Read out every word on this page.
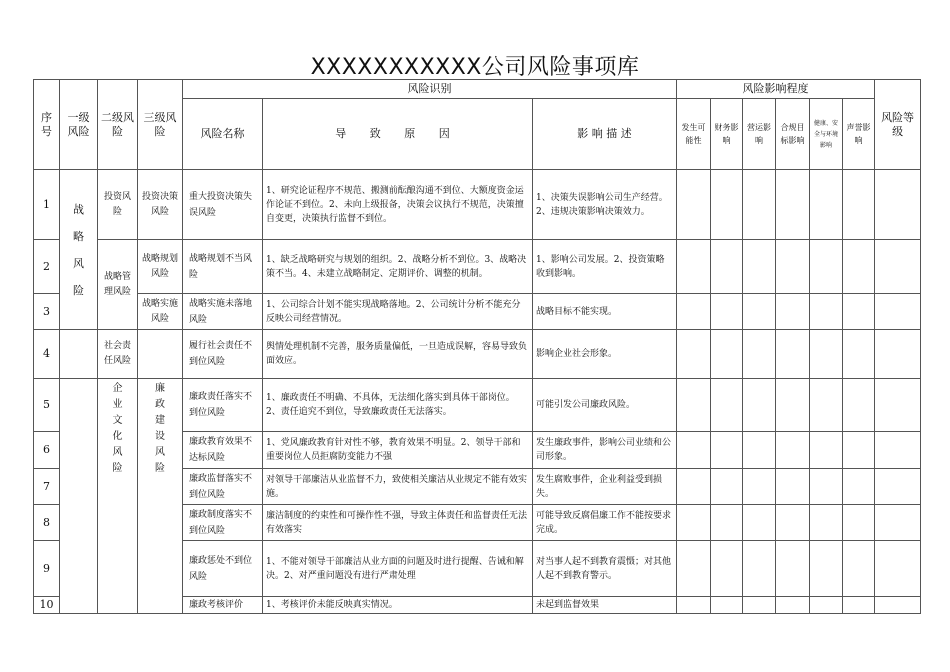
XXXXXXXXXXX公司风险事项库
序号	一级风险	二级风险	三级风险	风险识别			风险影响程度						风险等级
				风险名称	导 致 原 因	影 响 描 述	发生可能性	财务影响	营运影响	合规目标影响	健康、安全与环境影响	声誉影响	
1	战略风险	投资风险	投资决策风险	重大投资决策失误风险	1、研究论证程序不规范、搬测前酝酿沟通不到位、大额度资金运作论证不到位。2、未向上级报备，决策会议执行不规范，决策擅自变更，决策执行监督不到位。	1、决策失误影响公司生产经营。2、违规决策影响决策效力。							
2		战略管理风险	战略规划风险	战略规划不当风险	1、缺乏战略研究与规划的组织。2、战略分析不到位。3、战略决策不当。4、未建立战略制定、定期评价、调整的机制。	1、影响公司发展。2、投资策略收到影响。							
3			战略实施风险	战略实施未落地风险	1、公司综合计划不能实现战略落地。2、公司统计分析不能充分反映公司经营情况。	战略目标不能实现。							
4		社会责任风险		履行社会责任不到位风险	舆情处理机制不完善，服务质量偏低，一旦造成误解，容易导致负面效应。	影响企业社会形象。							
5		企业文化风险	廉政建设风险	廉政责任落实不到位风险	1、廉政责任不明确、不具体，无法细化落实到具体干部岗位。2、责任追究不到位，导致廉政责任无法落实。	可能引发公司廉政风险。							
6				廉政教育效果不达标风险	1、党风廉政教育针对性不够，教育效果不明显。2、领导干部和重要岗位人员拒腐防变能力不强	发生廉政事件，影响公司业绩和公司形象。							
7				廉政监督落实不到位风险	对领导干部廉洁从业监督不力，致使相关廉洁从业规定不能有效实施。	发生腐败事件，企业利益受到损失。							
8				廉政制度落实不到位风险	廉洁制度的约束性和可操作性不强，导致主体责任和监督责任无法有效落实	可能导致反腐倡廉工作不能按要求完成。							
9				廉政惩处不到位风险	1、不能对领导干部廉洁从业方面的问题及时进行提醒、告诫和解决。2、对严重问题没有进行严肃处理	对当事人起不到教育震慑；对其他人起不到教育警示。							
10				廉政考核评价	1、考核评价未能反映真实情况。	未起到监督效果							
